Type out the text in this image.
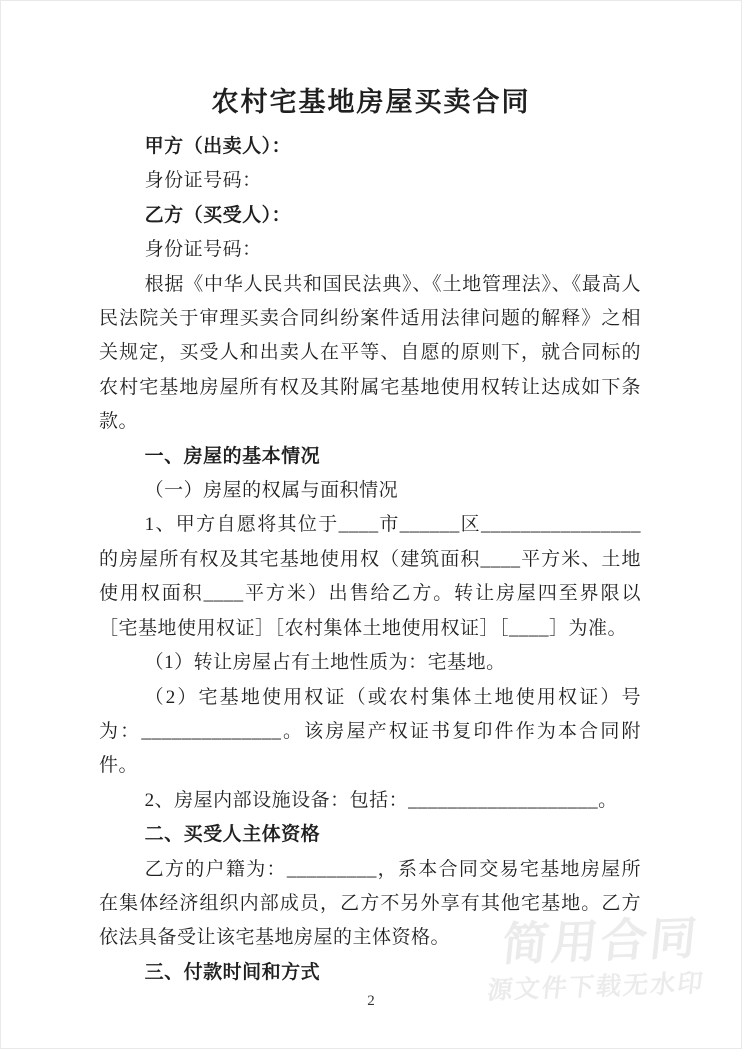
农村宅基地房屋买卖合同

甲方（出卖人）：

身份证号码：

乙方（买受人）：

身份证号码：

根据《中华人民共和国民法典》、《土地管理法》、《最高人民法院关于审理买卖合同纠纷案件适用法律问题的解释》之相关规定，买受人和出卖人在平等、自愿的原则下，就合同标的农村宅基地房屋所有权及其附属宅基地使用权转让达成如下条款。

一、房屋的基本情况

（一）房屋的权属与面积情况

1、甲方自愿将其位于____市______区________________的房屋所有权及其宅基地使用权（建筑面积____平方米、土地使用权面积____平方米）出售给乙方。转让房屋四至界限以［宅基地使用权证］［农村集体土地使用权证］［____］为准。

（1）转让房屋占有土地性质为：宅基地。

（2）宅基地使用权证（或农村集体土地使用权证）号为：______________。该房屋产权证书复印件作为本合同附件。

2、房屋内部设施设备：包括：___________________。

二、买受人主体资格

乙方的户籍为：_________，系本合同交易宅基地房屋所在集体经济组织内部成员，乙方不另外享有其他宅基地。乙方依法具备受让该宅基地房屋的主体资格。

三、付款时间和方式

简用合同
源文件下载无水印
2
